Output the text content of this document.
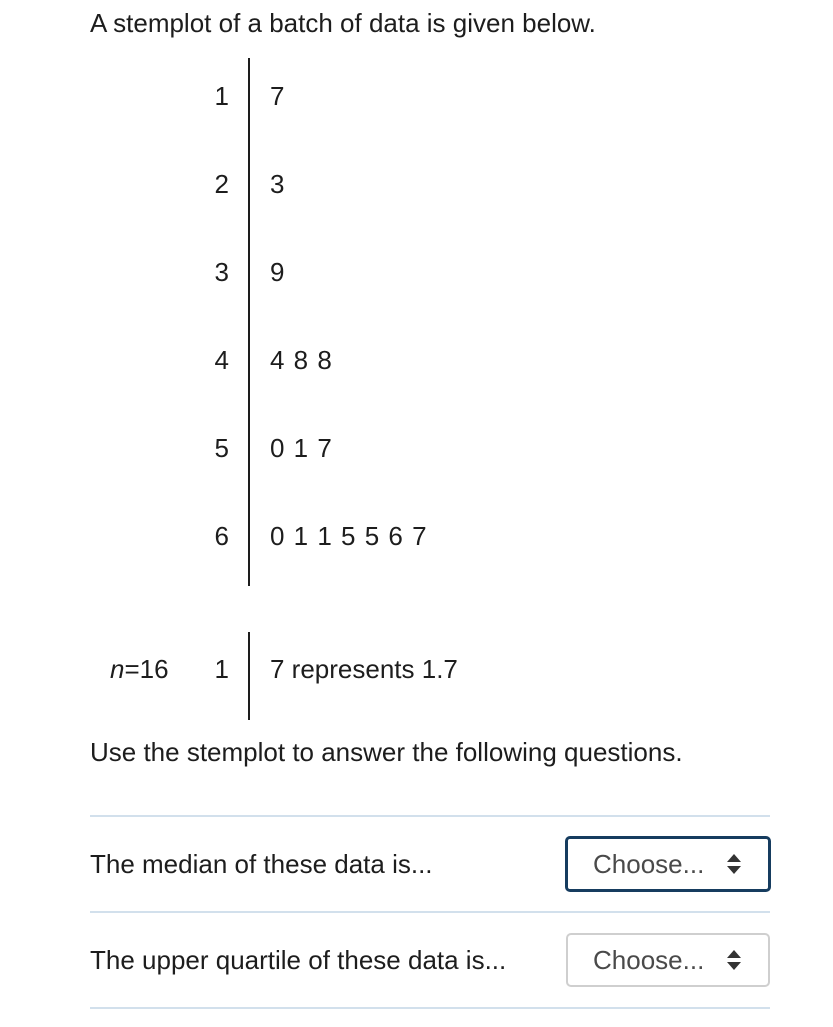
A stemplot of a batch of data is given below.
1 7
2 3
3 9
4 4 8 8
5 0 1 7
6 0 1 1 5 5 6 7
n=16 1 7 represents 1.7

Use the stemplot to answer the following questions.

The median of these data is...	Choose...
The upper quartile of these data is...	Choose...
